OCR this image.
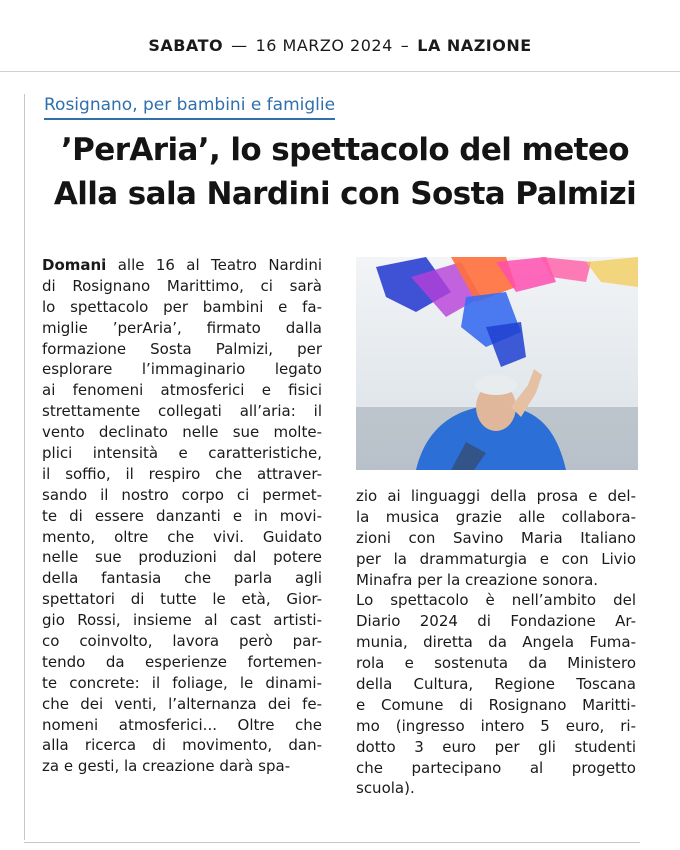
SABATO — 16 MARZO 2024 – LA NAZIONE
Rosignano, per bambini e famiglie
’PerAria’, lo spettacolo del meteo
Alla sala Nardini con Sosta Palmizi
Domani alle 16 al Teatro Nardini
di Rosignano Marittimo, ci sarà
lo spettacolo per bambini e fa-
miglie ’perAria’, firmato dalla
formazione Sosta Palmizi, per
esplorare l’immaginario legato
ai fenomeni atmosferici e fisici
strettamente collegati all’aria: il
vento declinato nelle sue molte-
plici intensità e caratteristiche,
il soffio, il respiro che attraver-
sando il nostro corpo ci permet-
te di essere danzanti e in movi-
mento, oltre che vivi. Guidato
nelle sue produzioni dal potere
della fantasia che parla agli
spettatori di tutte le età, Gior-
gio Rossi, insieme al cast artisti-
co coinvolto, lavora però par-
tendo da esperienze fortemen-
te concrete: il foliage, le dinami-
che dei venti, l’alternanza dei fe-
nomeni atmosferici... Oltre che
alla ricerca di movimento, dan-
za e gesti, la creazione darà spa-
zio ai linguaggi della prosa e del-
la musica grazie alle collabora-
zioni con Savino Maria Italiano
per la drammaturgia e con Livio
Minafra per la creazione sonora.
Lo spettacolo è nell’ambito del
Diario 2024 di Fondazione Ar-
munia, diretta da Angela Fuma-
rola e sostenuta da Ministero
della Cultura, Regione Toscana
e Comune di Rosignano Maritti-
mo (ingresso intero 5 euro, ri-
dotto 3 euro per gli studenti
che partecipano al progetto
scuola).
